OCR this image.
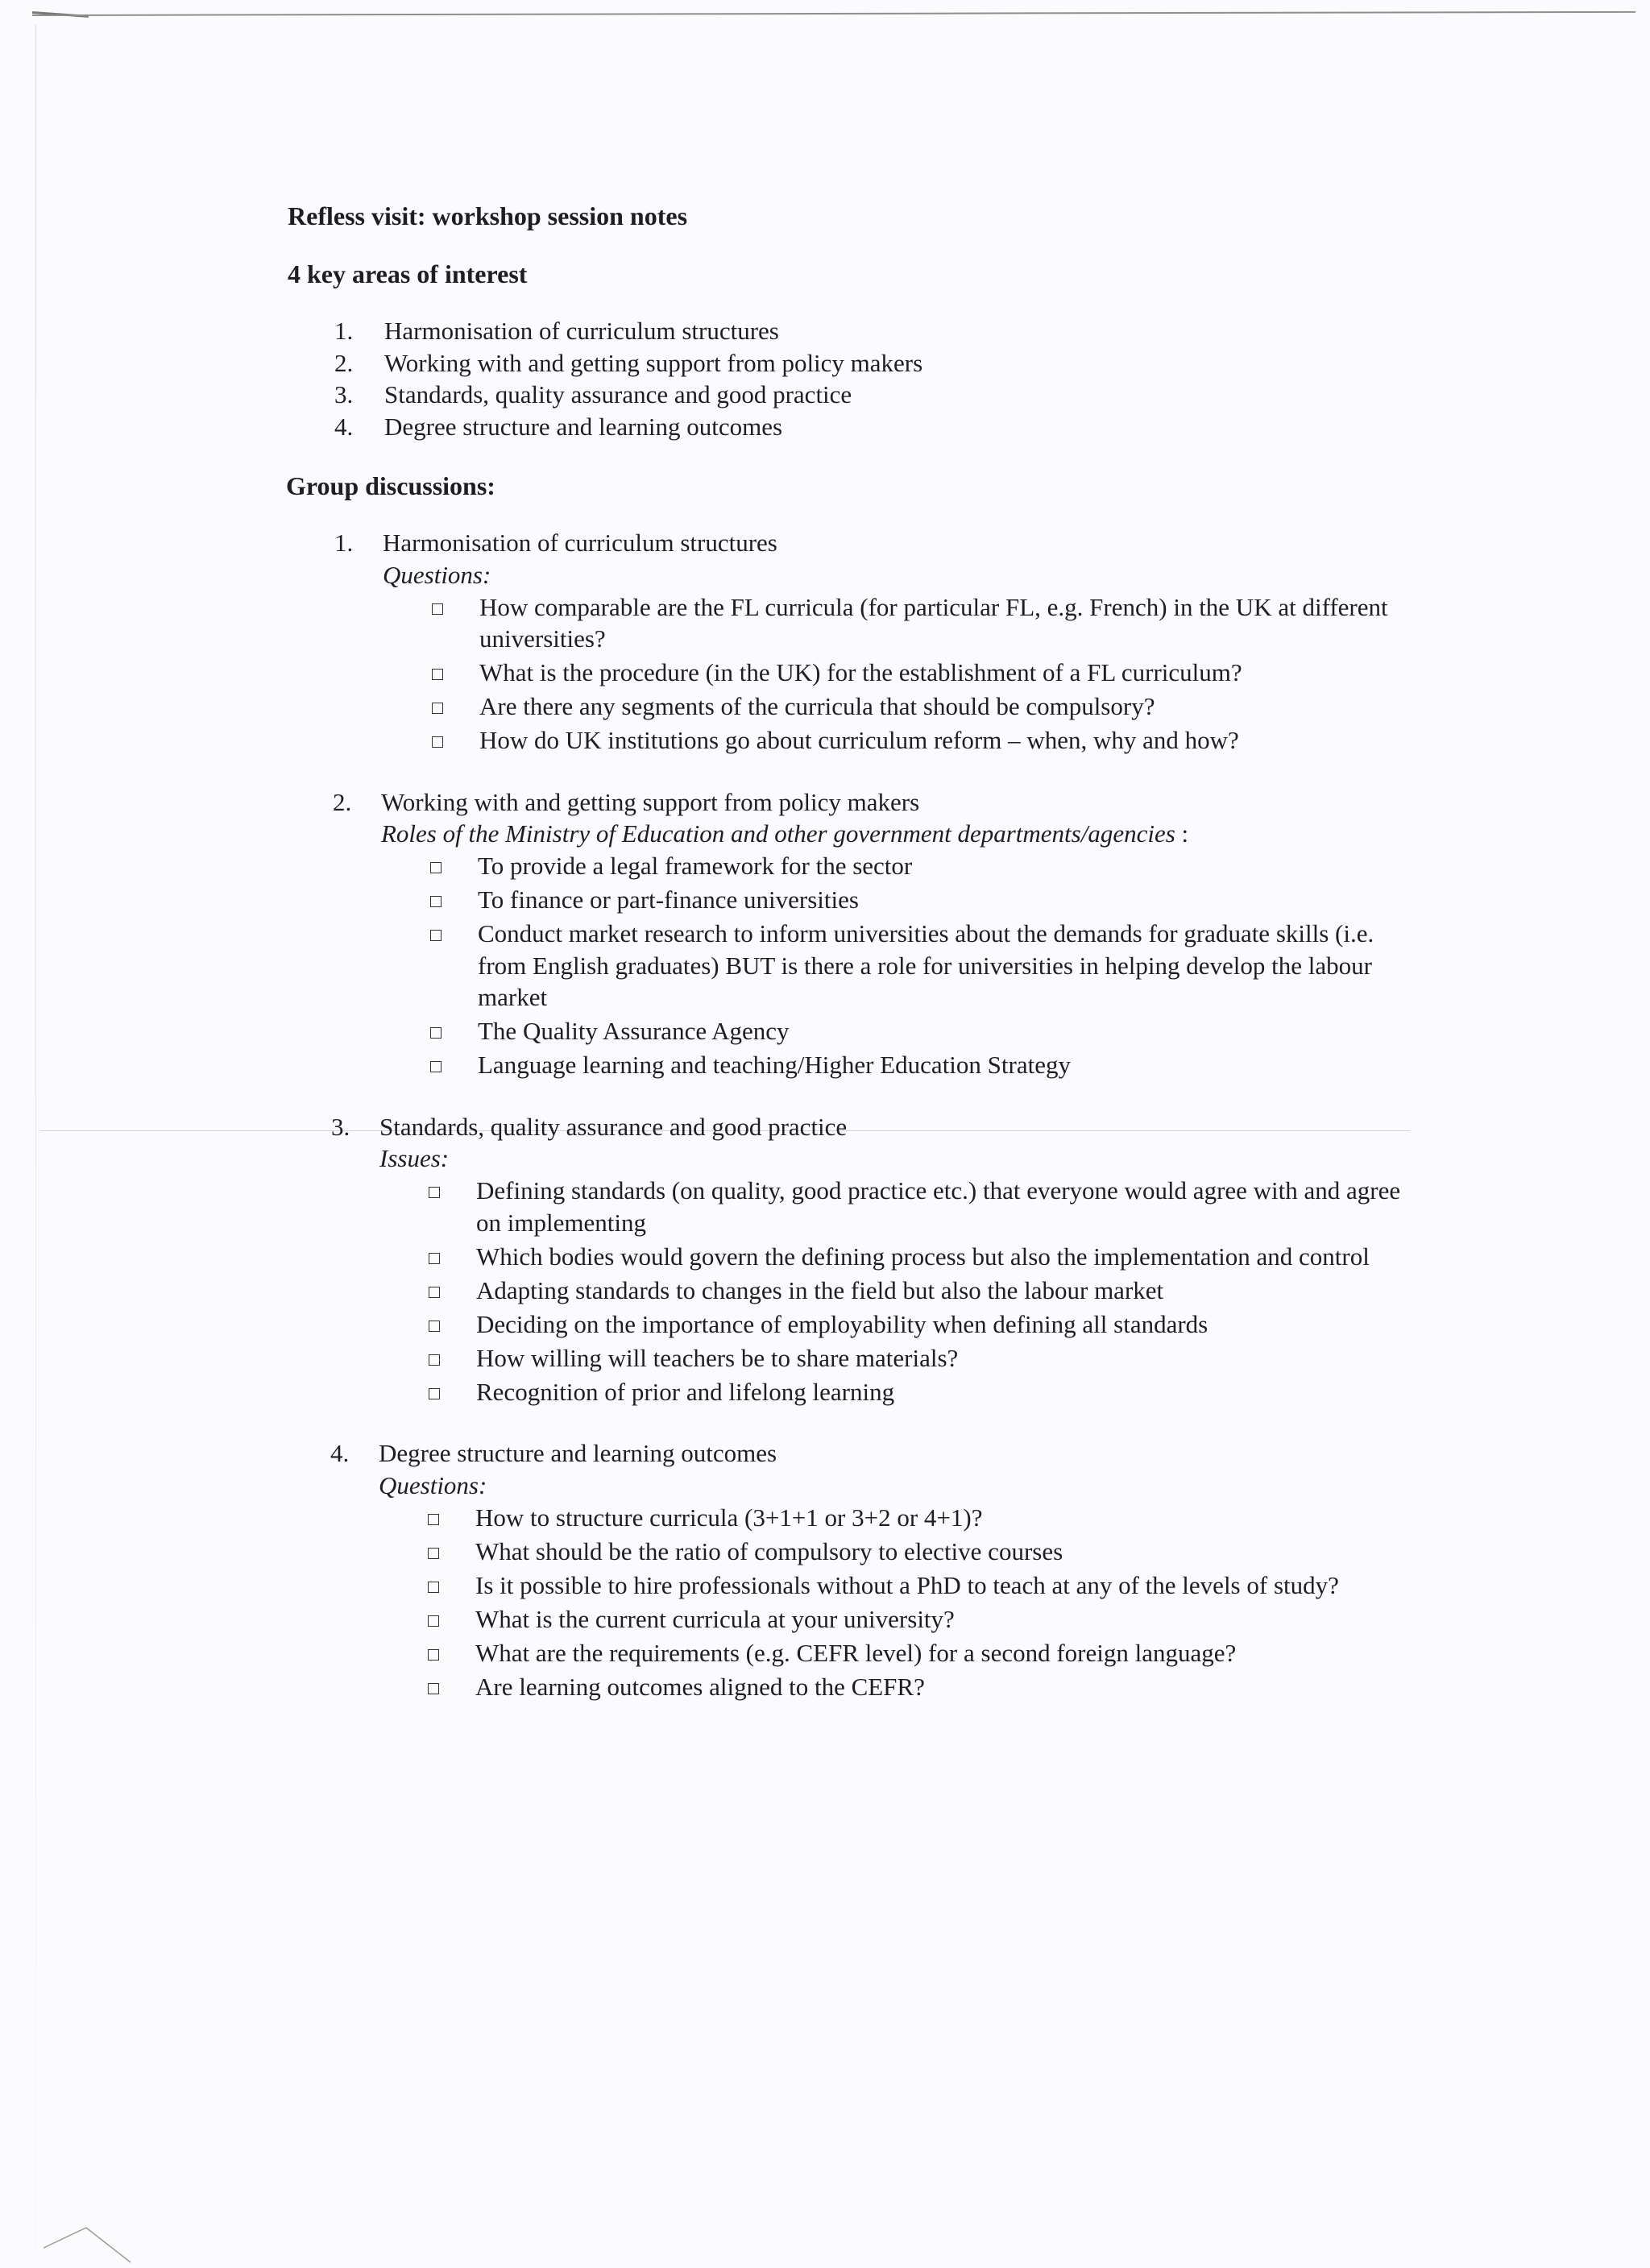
Refless visit: workshop session notes
4 key areas of interest
1.	Harmonisation of curriculum structures
2.	Working with and getting support from policy makers
3.	Standards, quality assurance and good practice
4.	Degree structure and learning outcomes
Group discussions:
1.	Harmonisation of curriculum structures
Questions:
How comparable are the FL curricula (for particular FL, e.g. French) in the UK at different universities?
What is the procedure (in the UK) for the establishment of a FL curriculum?
Are there any segments of the curricula that should be compulsory?
How do UK institutions go about curriculum reform – when, why and how?
2.	Working with and getting support from policy makers
Roles of the Ministry of Education and other government departments/agencies :
To provide a legal framework for the sector
To finance or part-finance universities
Conduct market research to inform universities about the demands for graduate skills (i.e. from English graduates) BUT is there a role for universities in helping develop the labour market
The Quality Assurance Agency
Language learning and teaching/Higher Education Strategy
3.	Standards, quality assurance and good practice
Issues:
Defining standards (on quality, good practice etc.) that everyone would agree with and agree on implementing
Which bodies would govern the defining process but also the implementation and control
Adapting standards to changes in the field but also the labour market
Deciding on the importance of employability when defining all standards
How willing will teachers be to share materials?
Recognition of prior and lifelong learning
4.	Degree structure and learning outcomes
Questions:
How to structure curricula (3+1+1 or 3+2 or 4+1)?
What should be the ratio of compulsory to elective courses
Is it possible to hire professionals without a PhD to teach at any of the levels of study?
What is the current curricula at your university?
What are the requirements (e.g. CEFR level) for a second foreign language?
Are learning outcomes aligned to the CEFR?
